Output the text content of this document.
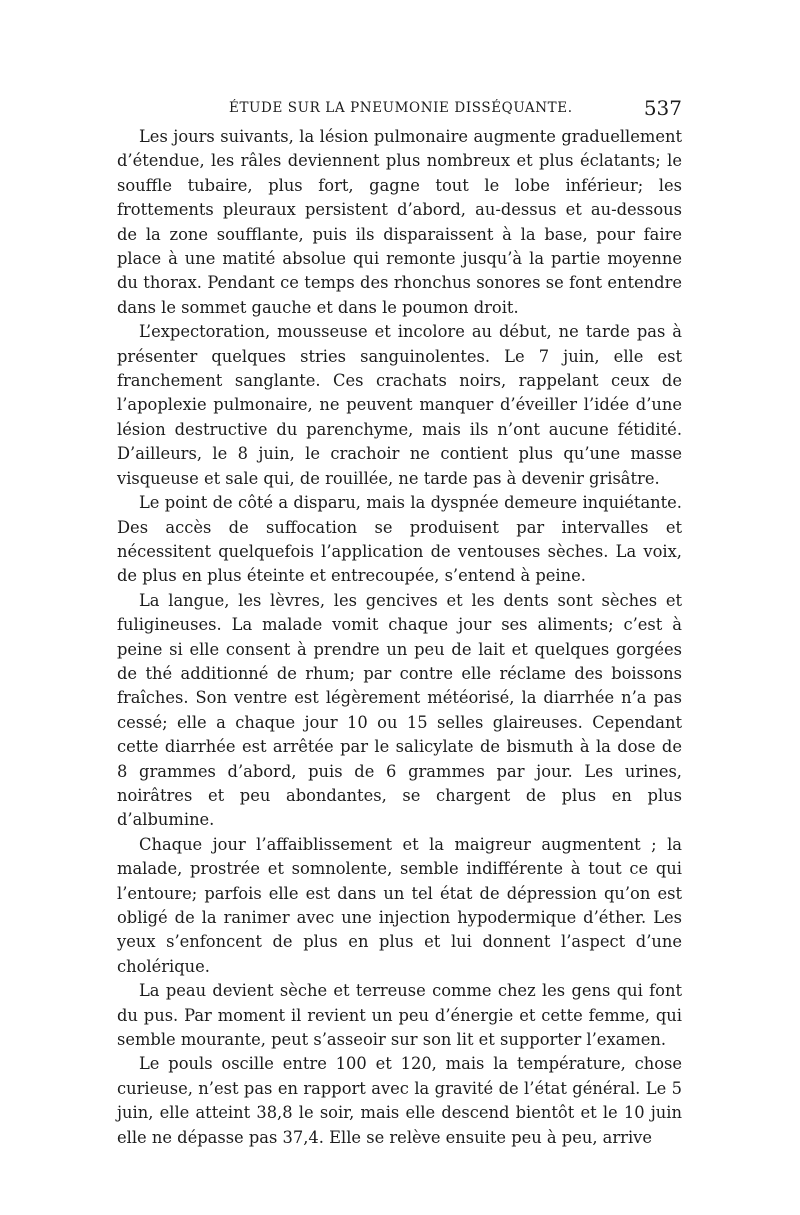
ÉTUDE SUR LA PNEUMONIE DISSÉQUANTE.	537

Les jours suivants, la lésion pulmonaire augmente graduellement d’étendue, les râles deviennent plus nombreux et plus éclatants; le souffle tubaire, plus fort, gagne tout le lobe inférieur; les frottements pleuraux persistent d’abord, au-dessus et au-dessous de la zone soufflante, puis ils disparaissent à la base, pour faire place à une matité absolue qui remonte jusqu’à la partie moyenne du thorax. Pendant ce temps des rhonchus sonores se font entendre dans le sommet gauche et dans le poumon droit.

L’expectoration, mousseuse et incolore au début, ne tarde pas à présenter quelques stries sanguinolentes. Le 7 juin, elle est franchement sanglante. Ces crachats noirs, rappelant ceux de l’apoplexie pulmonaire, ne peuvent manquer d’éveiller l’idée d’une lésion destructive du parenchyme, mais ils n’ont aucune fétidité. D’ailleurs, le 8 juin, le crachoir ne contient plus qu’une masse visqueuse et sale qui, de rouillée, ne tarde pas à devenir grisâtre.

Le point de côté a disparu, mais la dyspnée demeure inquiétante. Des accès de suffocation se produisent par intervalles et nécessitent quelquefois l’application de ventouses sèches. La voix, de plus en plus éteinte et entrecoupée, s’entend à peine.

La langue, les lèvres, les gencives et les dents sont sèches et fuligineuses. La malade vomit chaque jour ses aliments; c’est à peine si elle consent à prendre un peu de lait et quelques gorgées de thé additionné de rhum; par contre elle réclame des boissons fraîches. Son ventre est légèrement météorisé, la diarrhée n’a pas cessé; elle a chaque jour 10 ou 15 selles glaireuses. Cependant cette diarrhée est arrêtée par le salicylate de bismuth à la dose de 8 grammes d’abord, puis de 6 grammes par jour. Les urines, noirâtres et peu abondantes, se chargent de plus en plus d’albumine.

Chaque jour l’affaiblissement et la maigreur augmentent ; la malade, prostrée et somnolente, semble indifférente à tout ce qui l’entoure; parfois elle est dans un tel état de dépression qu’on est obligé de la ranimer avec une injection hypodermique d’éther. Les yeux s’enfoncent de plus en plus et lui donnent l’aspect d’une cholérique.

La peau devient sèche et terreuse comme chez les gens qui font du pus. Par moment il revient un peu d’énergie et cette femme, qui semble mourante, peut s’asseoir sur son lit et supporter l’examen.

Le pouls oscille entre 100 et 120, mais la température, chose curieuse, n’est pas en rapport avec la gravité de l’état général. Le 5 juin, elle atteint 38,8 le soir, mais elle descend bientôt et le 10 juin elle ne dépasse pas 37,4. Elle se relève ensuite peu à peu, arrive
